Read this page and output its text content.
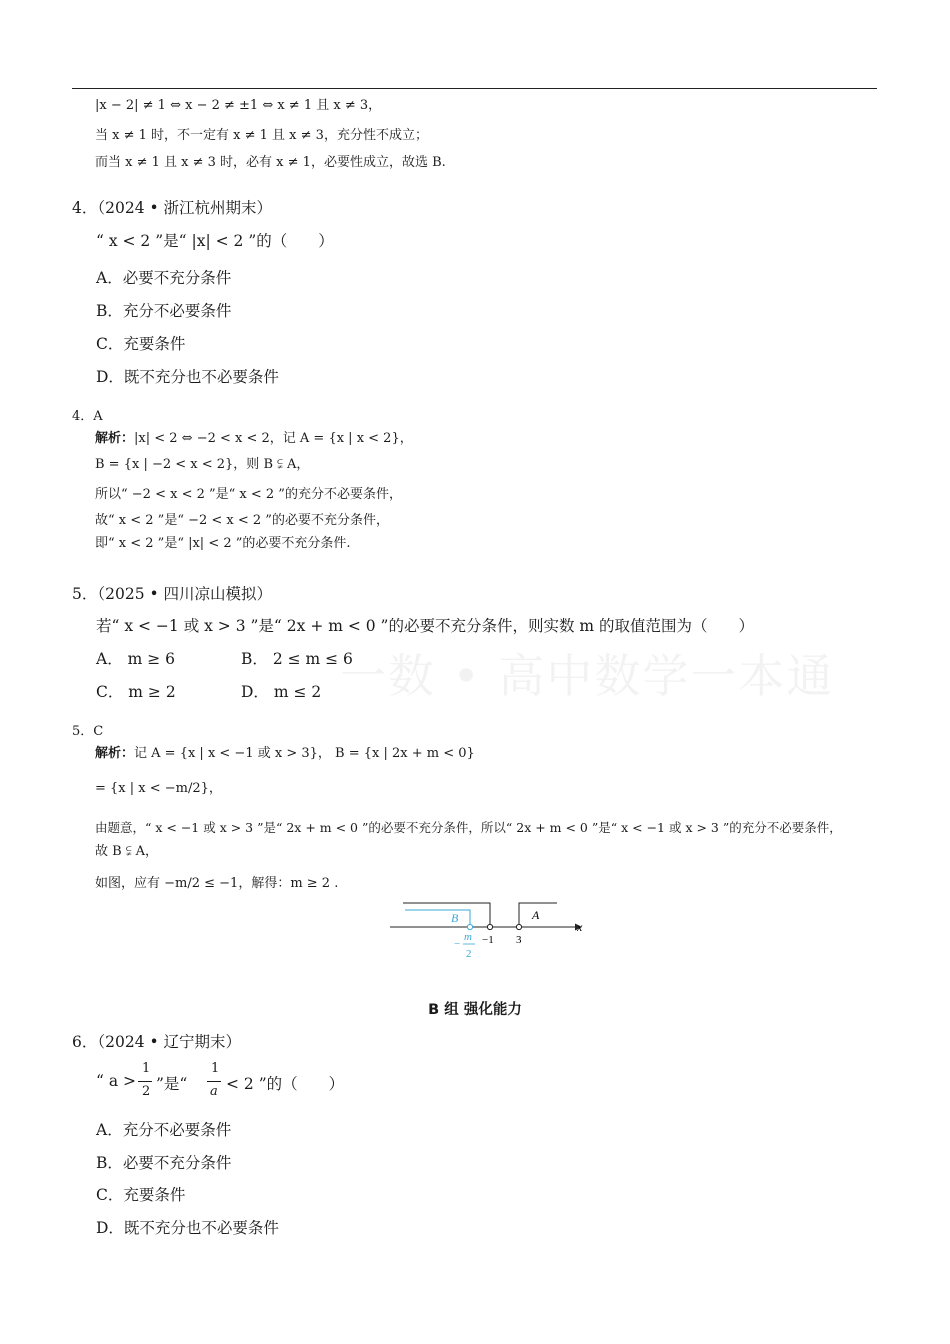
一数 • 高中数学一本通
|x − 2| ≠ 1 ⇔ x − 2 ≠ ±1 ⇔ x ≠ 1 且 x ≠ 3，
当 x ≠ 1 时，不一定有 x ≠ 1 且 x ≠ 3，充分性不成立；
而当 x ≠ 1 且 x ≠ 3 时，必有 x ≠ 1，必要性成立，故选 B.
4．（2024 • 浙江杭州期末）
“ x < 2 ”是“ |x| < 2 ”的（　　）
A．必要不充分条件
B．充分不必要条件
C．充要条件
D．既不充分也不必要条件
4．A
解析：|x| < 2 ⇔ −2 < x < 2，记 A = {x | x < 2}，
B = {x | −2 < x < 2}，则 B ⫋ A，
所以“ −2 < x < 2 ”是“ x < 2 ”的充分不必要条件，
故“ x < 2 ”是“ −2 < x < 2 ”的必要不充分条件，
即“ x < 2 ”是“ |x| < 2 ”的必要不充分条件.
5．（2025 • 四川凉山模拟）
若“ x < −1 或 x > 3 ”是“ 2x + m < 0 ”的必要不充分条件，则实数 m 的取值范围为（　　）
A． m ≥ 6	B． 2 ≤ m ≤ 6
C． m ≥ 2	D． m ≤ 2
5．C
解析：记 A = {x | x < −1 或 x > 3}， B = {x | 2x + m < 0}
= {x | x < −m/2}，
由题意，“ x < −1 或 x > 3 ”是“ 2x + m < 0 ”的必要不充分条件，所以“ 2x + m < 0 ”是“ x < −1 或 x > 3 ”的充分不必要条件，
故 B ⫋ A，
如图，应有 −m/2 ≤ −1，解得：m ≥ 2 .
x
B	A
−
m
2
−1 3
B 组 强化能力
6．（2024 • 辽宁期末）
“ a >
1
2 ”是“
1
a < 2 ”的（　　）
A．充分不必要条件
B．必要不充分条件
C．充要条件
D．既不充分也不必要条件
